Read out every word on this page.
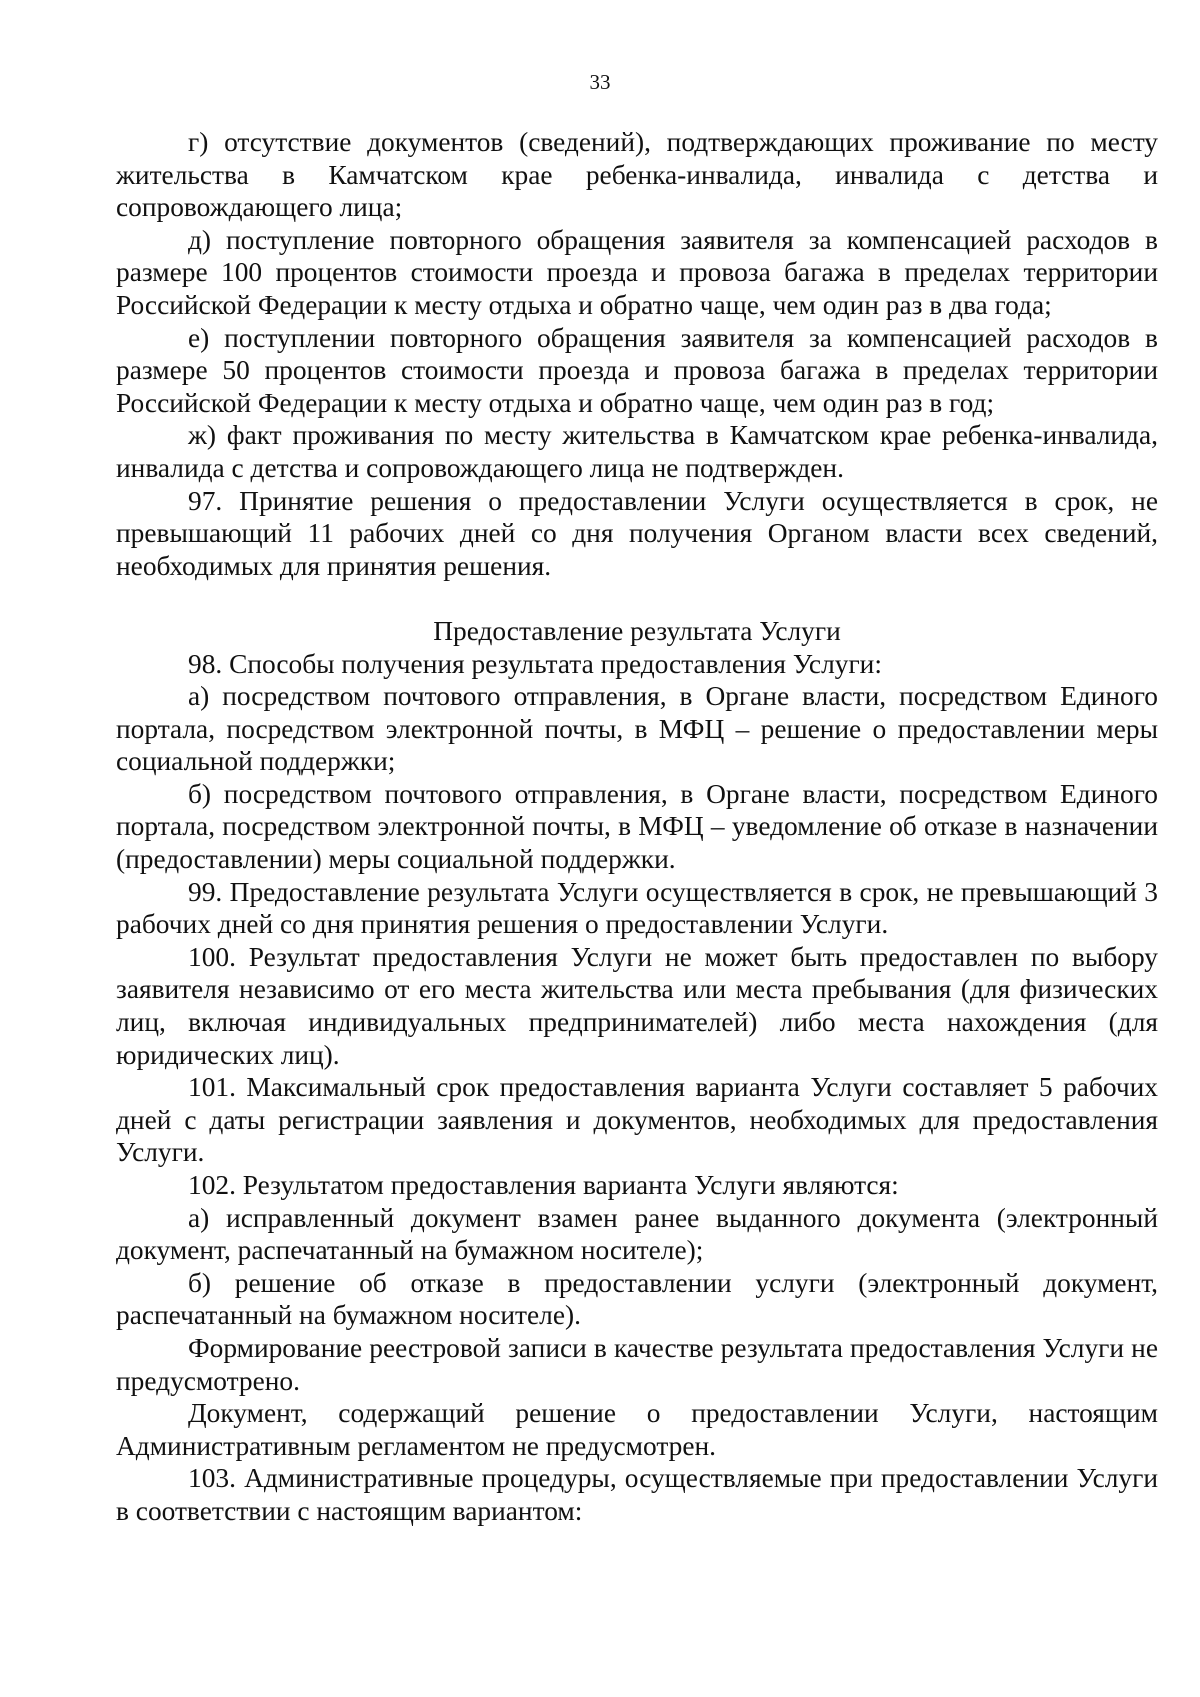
33

г) отсутствие документов (сведений), подтверждающих проживание по месту жительства в Камчатском крае ребенка-инвалида, инвалида с детства и сопровождающего лица;

д) поступление повторного обращения заявителя за компенсацией расходов в размере 100 процентов стоимости проезда и провоза багажа в пределах территории Российской Федерации к месту отдыха и обратно чаще, чем один раз в два года;

е) поступлении повторного обращения заявителя за компенсацией расходов в размере 50 процентов стоимости проезда и провоза багажа в пределах территории Российской Федерации к месту отдыха и обратно чаще, чем один раз в год;

ж) факт проживания по месту жительства в Камчатском крае ребенка-инвалида, инвалида с детства и сопровождающего лица не подтвержден.

97. Принятие решения о предоставлении Услуги осуществляется в срок, не превышающий 11 рабочих дней со дня получения Органом власти всех сведений, необходимых для принятия решения.

Предоставление результата Услуги

98. Способы получения результата предоставления Услуги:

а) посредством почтового отправления, в Органе власти, посредством Единого портала, посредством электронной почты, в МФЦ – решение о предоставлении меры социальной поддержки;

б) посредством почтового отправления, в Органе власти, посредством Единого портала, посредством электронной почты, в МФЦ – уведомление об отказе в назначении (предоставлении) меры социальной поддержки.

99. Предоставление результата Услуги осуществляется в срок, не превышающий 3 рабочих дней со дня принятия решения о предоставлении Услуги.

100. Результат предоставления Услуги не может быть предоставлен по выбору заявителя независимо от его места жительства или места пребывания (для физических лиц, включая индивидуальных предпринимателей) либо места нахождения (для юридических лиц).

101. Максимальный срок предоставления варианта Услуги составляет 5 рабочих дней с даты регистрации заявления и документов, необходимых для предоставления Услуги.

102. Результатом предоставления варианта Услуги являются:

а) исправленный документ взамен ранее выданного документа (электронный документ, распечатанный на бумажном носителе);

б) решение об отказе в предоставлении услуги (электронный документ, распечатанный на бумажном носителе).

Формирование реестровой записи в качестве результата предоставления Услуги не предусмотрено.

Документ, содержащий решение о предоставлении Услуги, настоящим Административным регламентом не предусмотрен.

103. Административные процедуры, осуществляемые при предоставлении Услуги в соответствии с настоящим вариантом:
